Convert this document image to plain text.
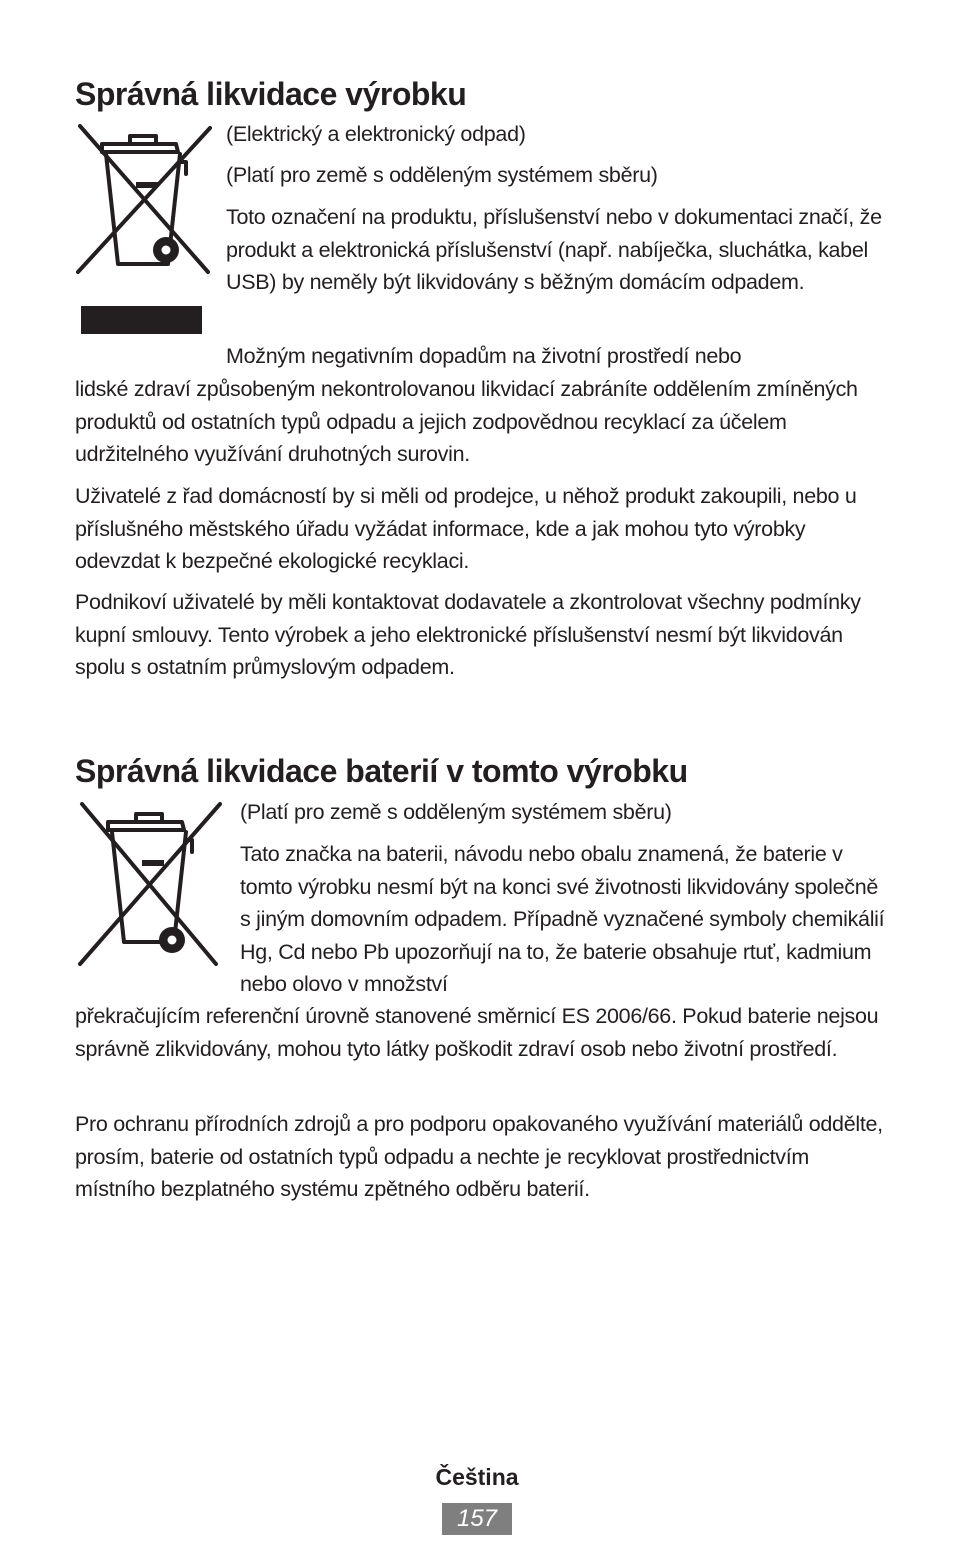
Správná likvidace výrobku

(Elektrický a elektronický odpad)

(Platí pro země s odděleným systémem sběru)

Toto označení na produktu, příslušenství nebo v dokumentaci značí, že produkt a elektronická příslušenství (např. nabíječka, sluchátka, kabel USB) by neměly být likvidovány s běžným domácím odpadem.

Možným negativním dopadům na životní prostředí nebo

lidské zdraví způsobeným nekontrolovanou likvidací zabráníte oddělením zmíněných produktů od ostatních typů odpadu a jejich zodpovědnou recyklací za účelem udržitelného využívání druhotných surovin.

Uživatelé z řad domácností by si měli od prodejce, u něhož produkt zakoupili, nebo u příslušného městského úřadu vyžádat informace, kde a jak mohou tyto výrobky odevzdat k bezpečné ekologické recyklaci.

Podnikoví uživatelé by měli kontaktovat dodavatele a zkontrolovat všechny podmínky kupní smlouvy. Tento výrobek a jeho elektronické příslušenství nesmí být likvidován spolu s ostatním průmyslovým odpadem.

Správná likvidace baterií v tomto výrobku

(Platí pro země s odděleným systémem sběru)

Tato značka na baterii, návodu nebo obalu znamená, že baterie v tomto výrobku nesmí být na konci své životnosti likvidovány společně s jiným domovním odpadem. Případně vyznačené symboly chemikálií Hg, Cd nebo Pb upozorňují na to, že baterie obsahuje rtuť, kadmium nebo olovo v množství

překračujícím referenční úrovně stanovené směrnicí ES 2006/66. Pokud baterie nejsou správně zlikvidovány, mohou tyto látky poškodit zdraví osob nebo životní prostředí.

Pro ochranu přírodních zdrojů a pro podporu opakovaného využívání materiálů oddělte, prosím, baterie od ostatních typů odpadu a nechte je recyklovat prostřednictvím místního bezplatného systému zpětného odběru baterií.

Čeština
157
